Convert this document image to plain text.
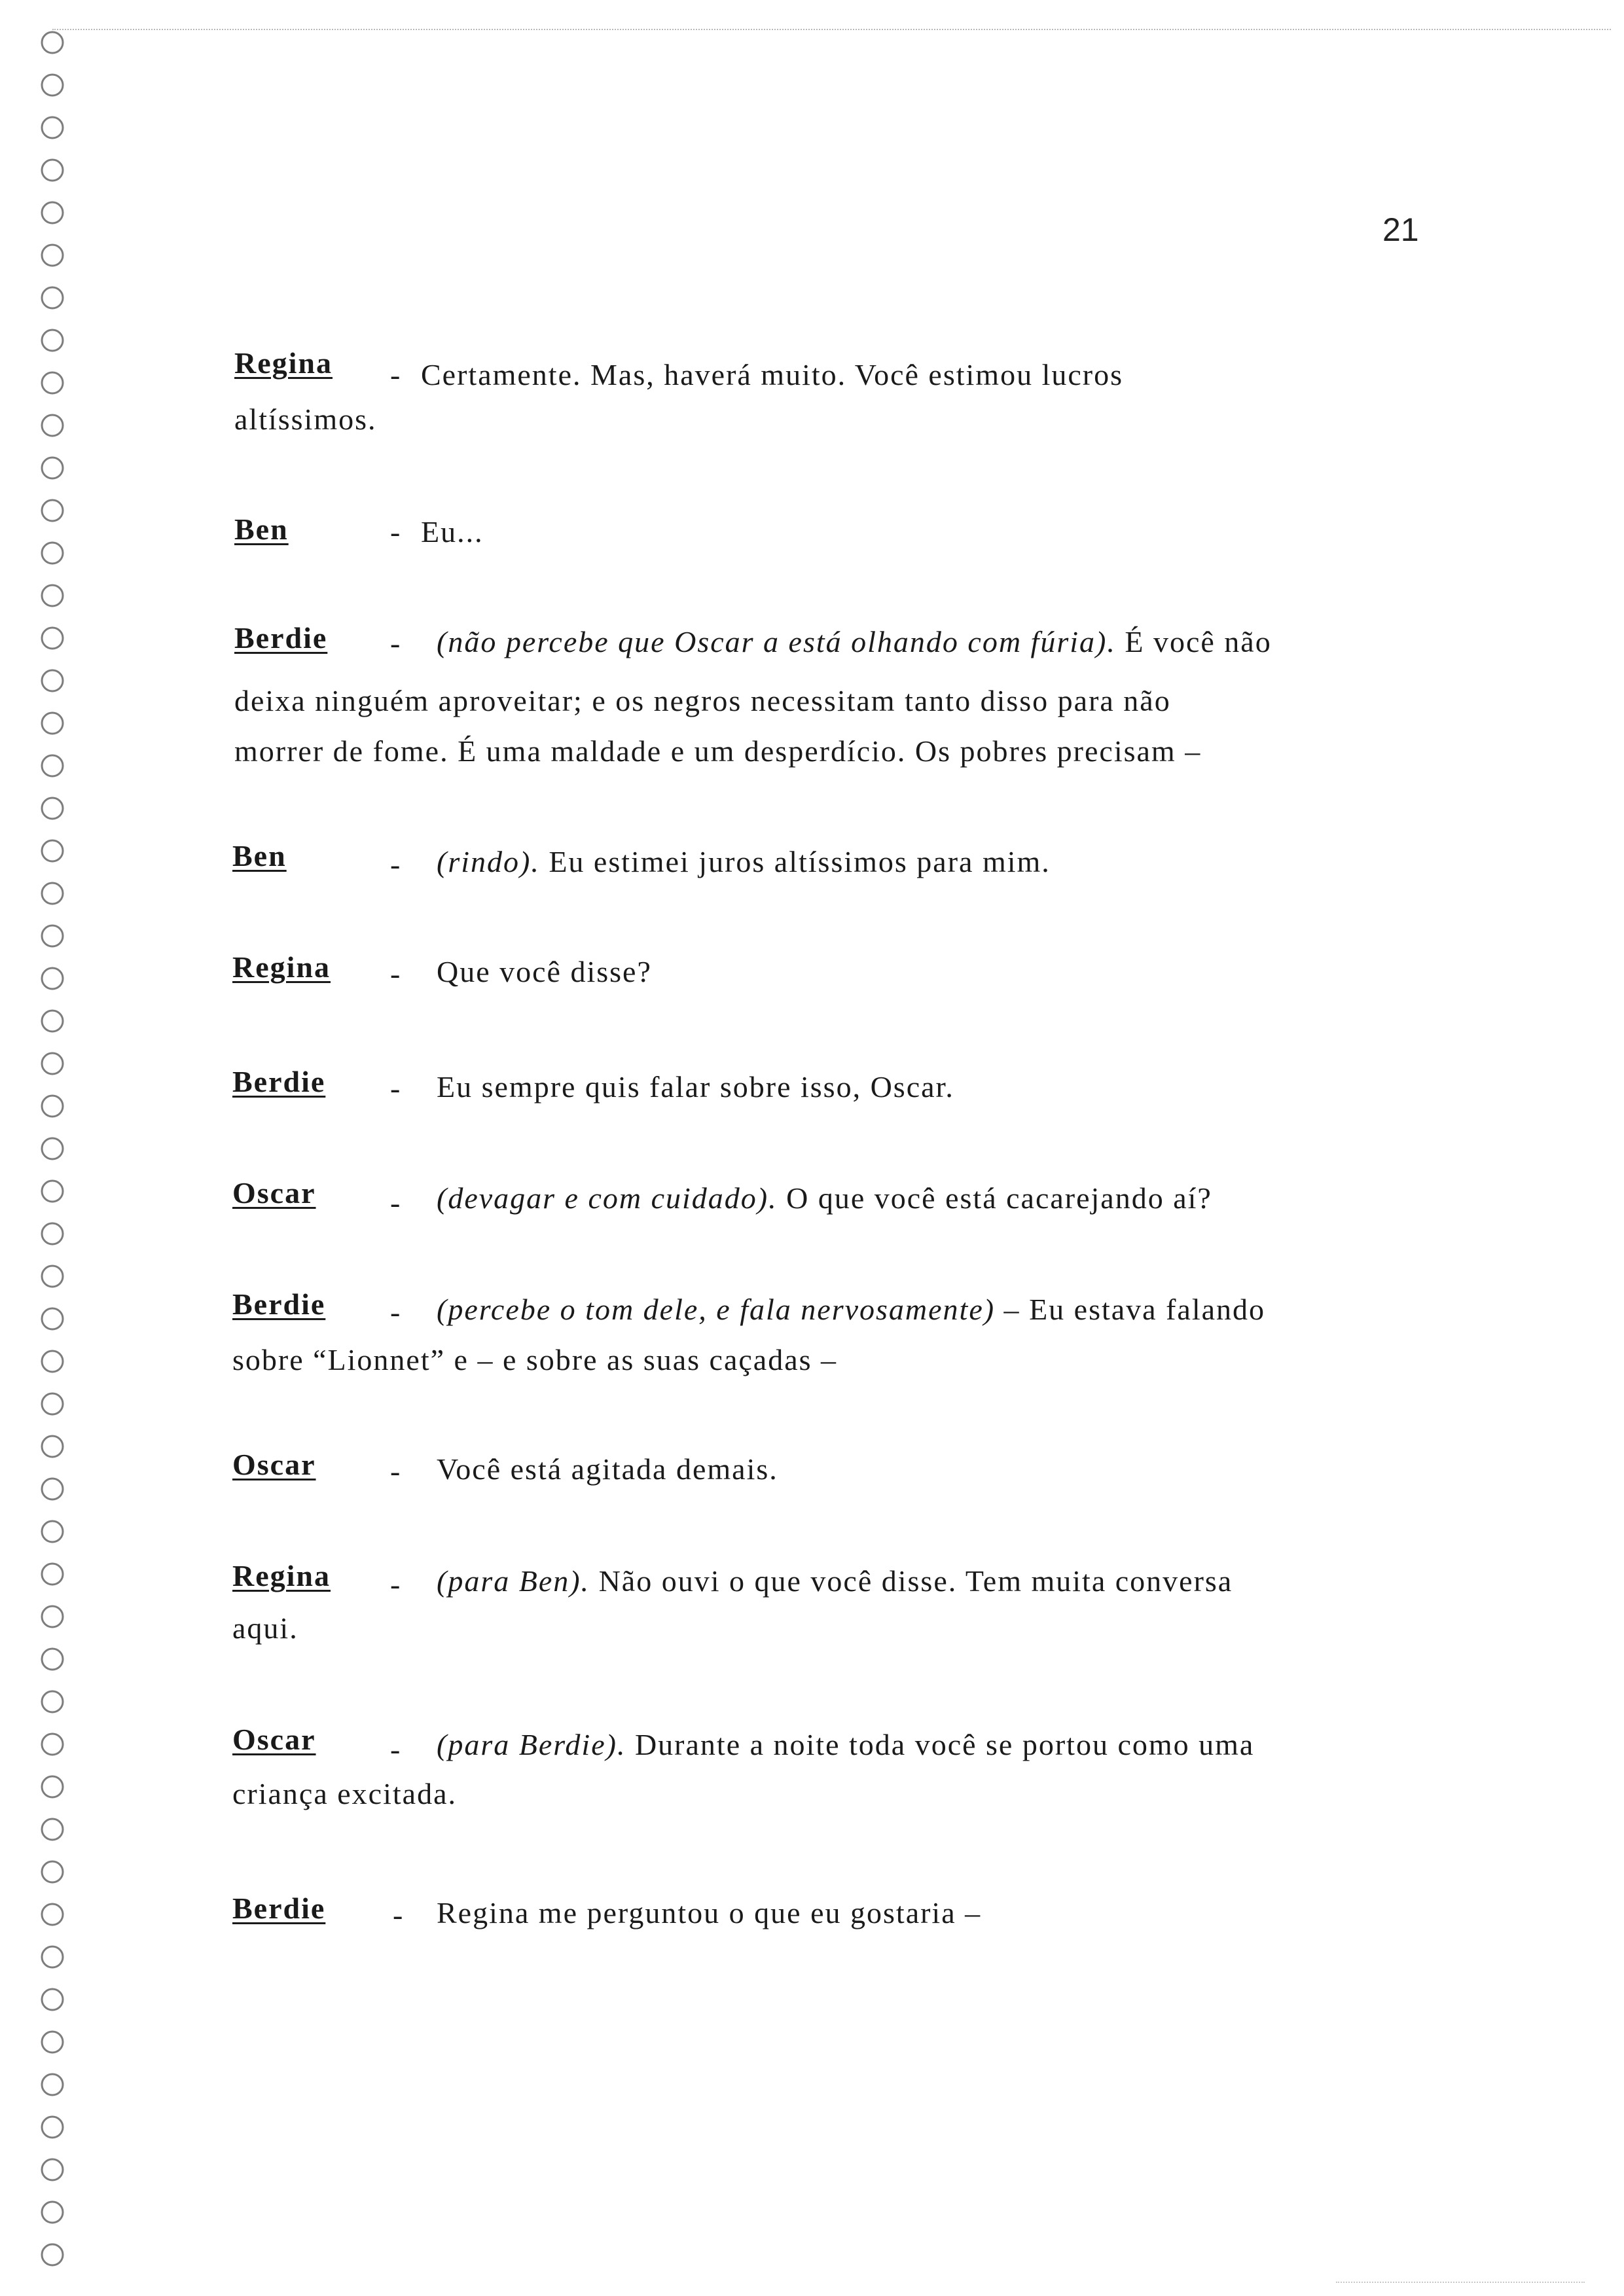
21
Regina - Certamente. Mas, haverá muito. Você estimou lucros
altíssimos.
Ben	- Eu...
Berdie - (não percebe que Oscar a está olhando com fúria). É você não
deixa ninguém aproveitar; e os negros necessitam tanto disso para não
morrer de fome. É uma maldade e um desperdício. Os pobres precisam –
Ben	- (rindo). Eu estimei juros altíssimos para mim.
Regina - Que você disse?
Berdie - Eu sempre quis falar sobre isso, Oscar.
Oscar - (devagar e com cuidado). O que você está cacarejando aí?
Berdie - (percebe o tom dele, e fala nervosamente) – Eu estava falando
sobre “Lionnet” e – e sobre as suas caçadas –
Oscar - Você está agitada demais.
Regina - (para Ben). Não ouvi o que você disse. Tem muita conversa
aqui.
Oscar - (para Berdie). Durante a noite toda você se portou como uma
criança excitada.
Berdie - Regina me perguntou o que eu gostaria –
